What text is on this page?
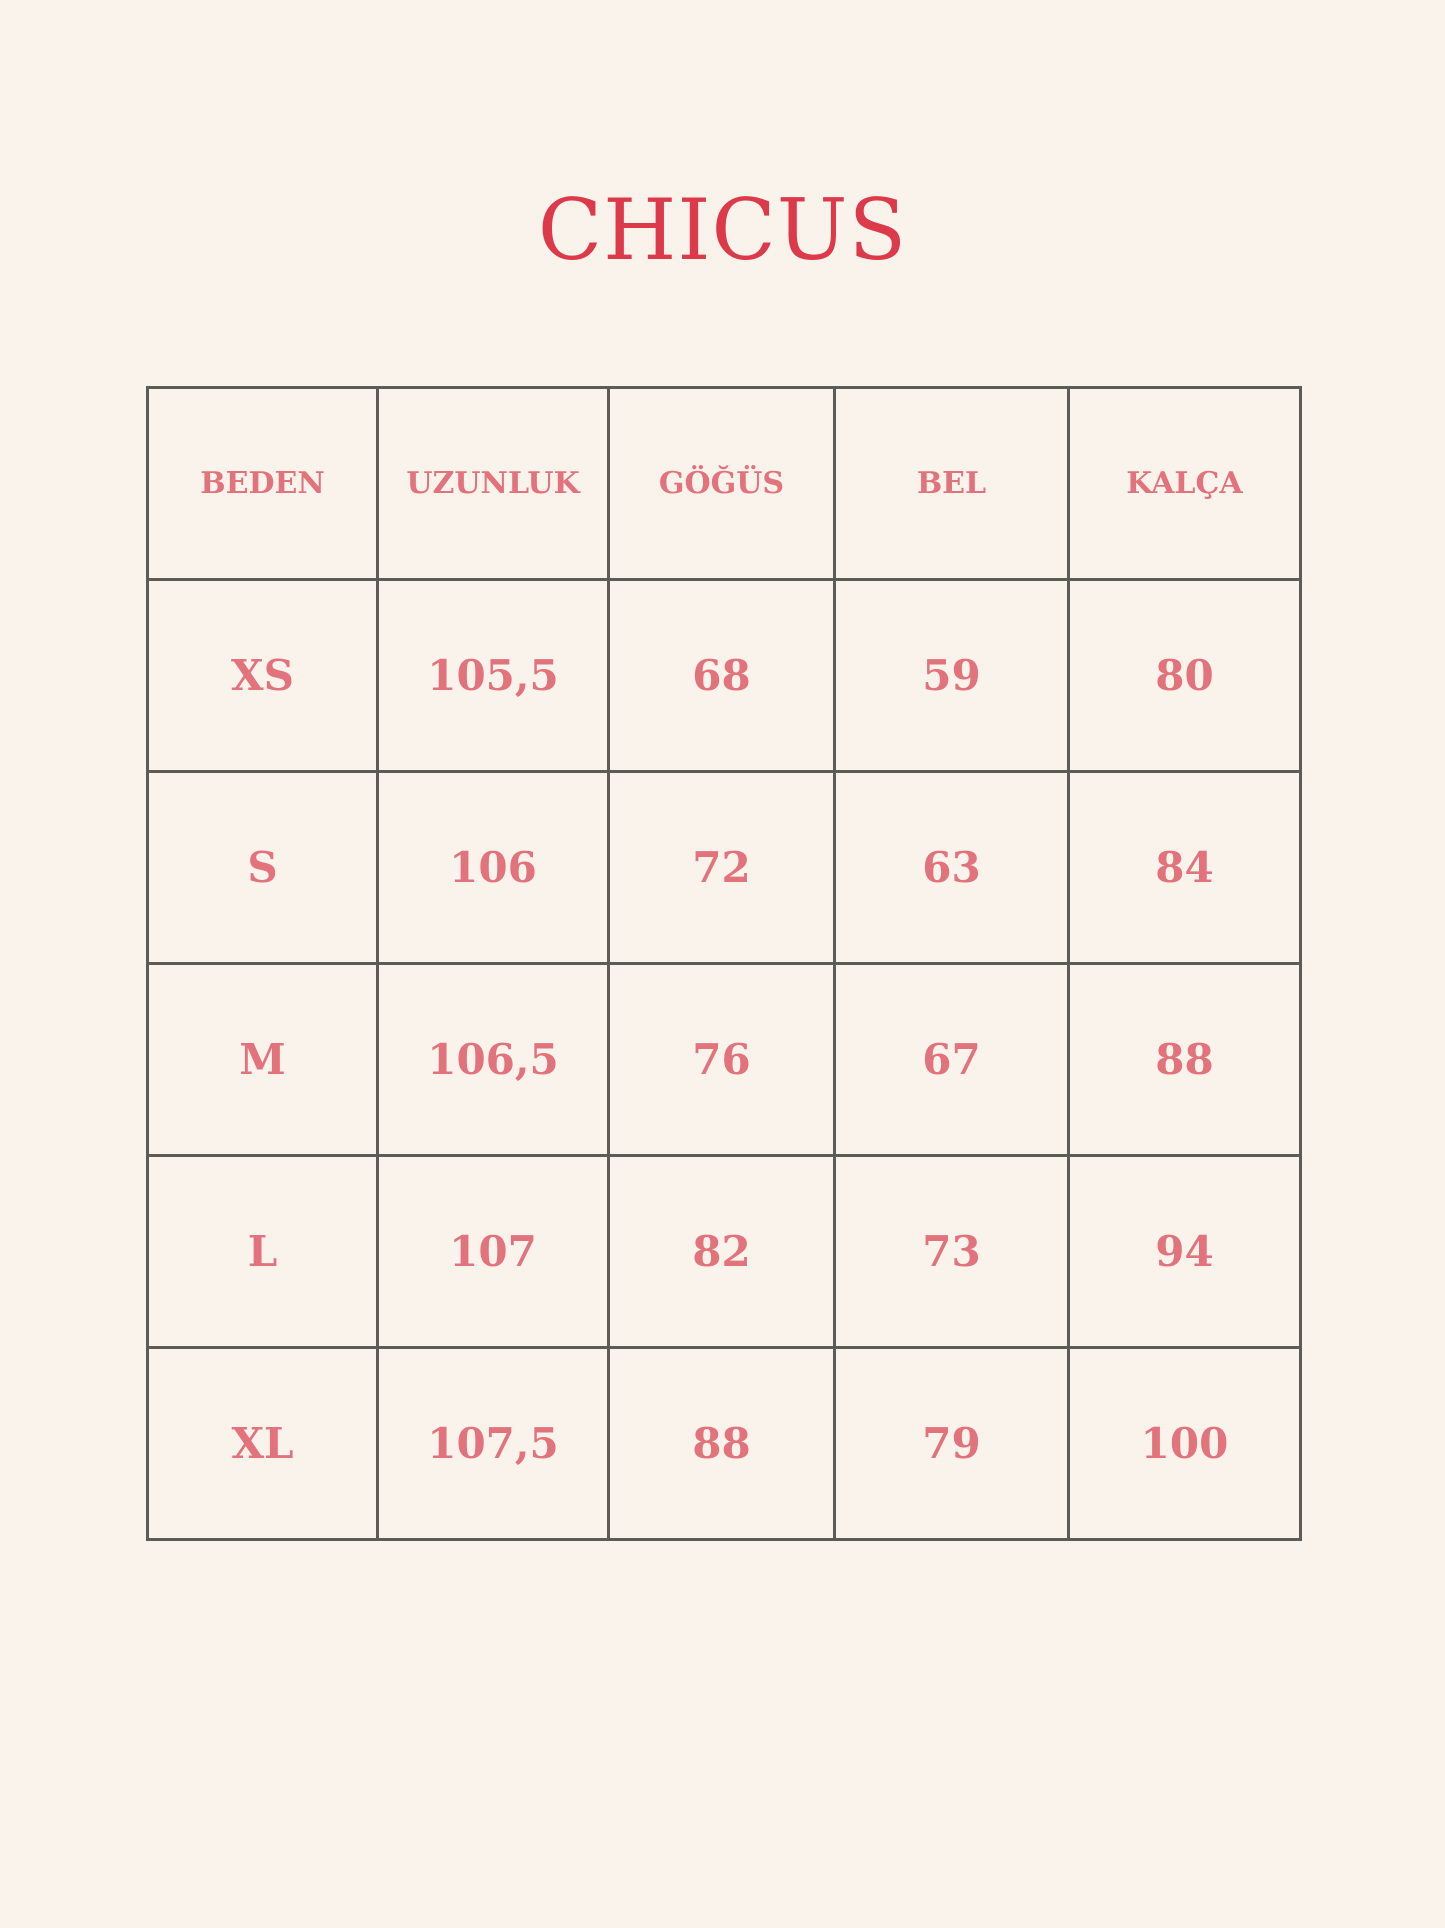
CHICUS
BEDEN	UZUNLUK	GÖĞÜS	BEL	KALÇA
XS	105,5	68	59	80
S	106	72	63	84
M	106,5	76	67	88
L	107	82	73	94
XL	107,5	88	79	100
